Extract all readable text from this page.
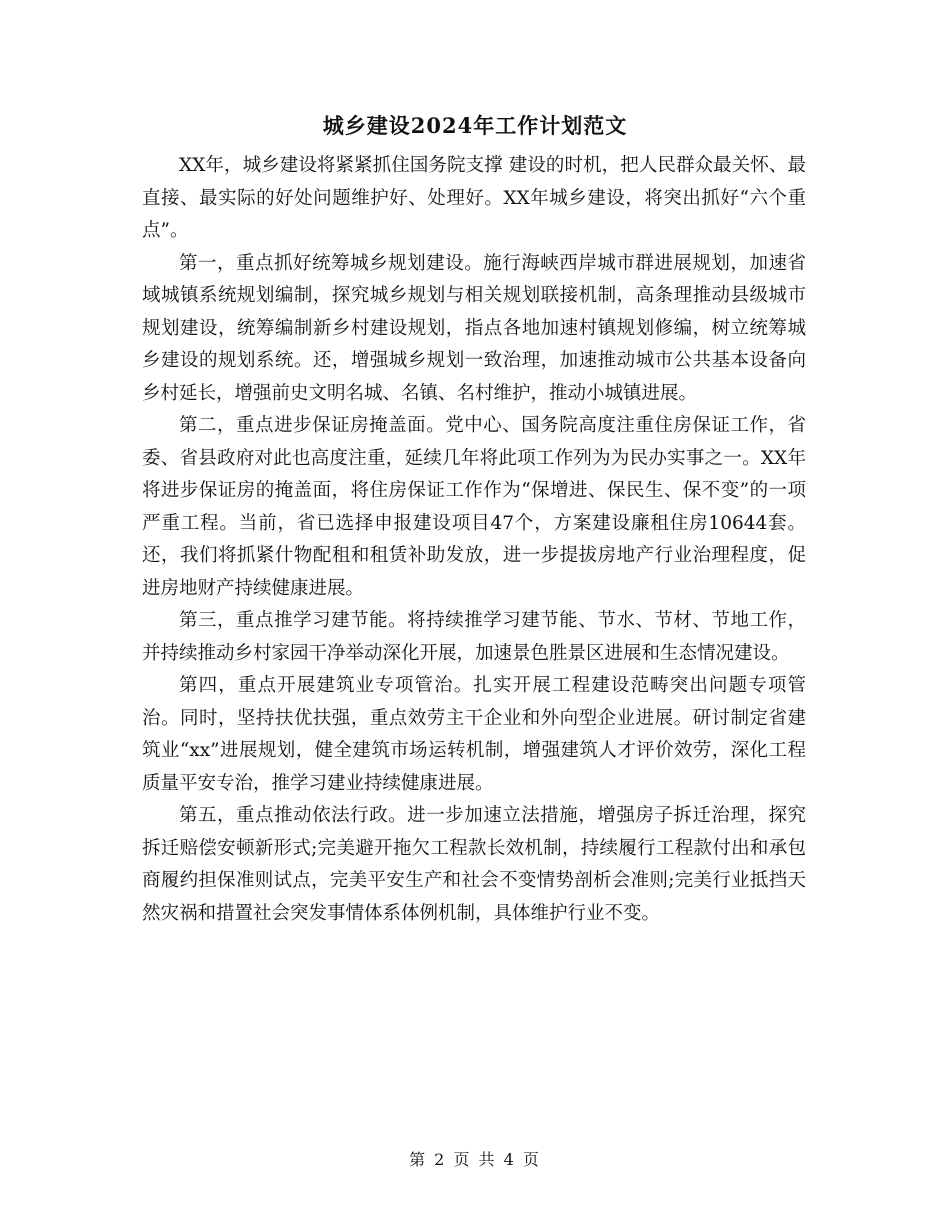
城乡建设2024年工作计划范文

XX年，城乡建设将紧紧抓住国务院支撑 建设的时机，把人民群众最关怀、最直接、最实际的好处问题维护好、处理好。XX年城乡建设，将突出抓好“六个重点”。

第一，重点抓好统筹城乡规划建设。施行海峡西岸城市群进展规划，加速省域城镇系统规划编制，探究城乡规划与相关规划联接机制，高条理推动县级城市规划建设，统筹编制新乡村建设规划，指点各地加速村镇规划修编，树立统筹城乡建设的规划系统。还，增强城乡规划一致治理，加速推动城市公共基本设备向乡村延长，增强前史文明名城、名镇、名村维护，推动小城镇进展。

第二，重点进步保证房掩盖面。党中心、国务院高度注重住房保证工作，省委、省县政府对此也高度注重，延续几年将此项工作列为为民办实事之一。XX年将进步保证房的掩盖面，将住房保证工作作为“保增进、保民生、保不变”的一项严重工程。当前，省已选择申报建设项目47个，方案建设廉租住房10644套。还，我们将抓紧什物配租和租赁补助发放，进一步提拔房地产行业治理程度，促进房地财产持续健康进展。

第三，重点推学习建节能。将持续推学习建节能、节水、节材、节地工作，并持续推动乡村家园干净举动深化开展，加速景色胜景区进展和生态情况建设。

第四，重点开展建筑业专项管治。扎实开展工程建设范畴突出问题专项管治。同时，坚持扶优扶强，重点效劳主干企业和外向型企业进展。研讨制定省建筑业“xx”进展规划，健全建筑市场运转机制，增强建筑人才评价效劳，深化工程质量平安专治，推学习建业持续健康进展。

第五，重点推动依法行政。进一步加速立法措施，增强房子拆迁治理，探究拆迁赔偿安顿新形式;完美避开拖欠工程款长效机制，持续履行工程款付出和承包商履约担保准则试点，完美平安生产和社会不变情势剖析会准则;完美行业抵挡天然灾祸和措置社会突发事情体系体例机制，具体维护行业不变。

第 2 页 共 4 页
